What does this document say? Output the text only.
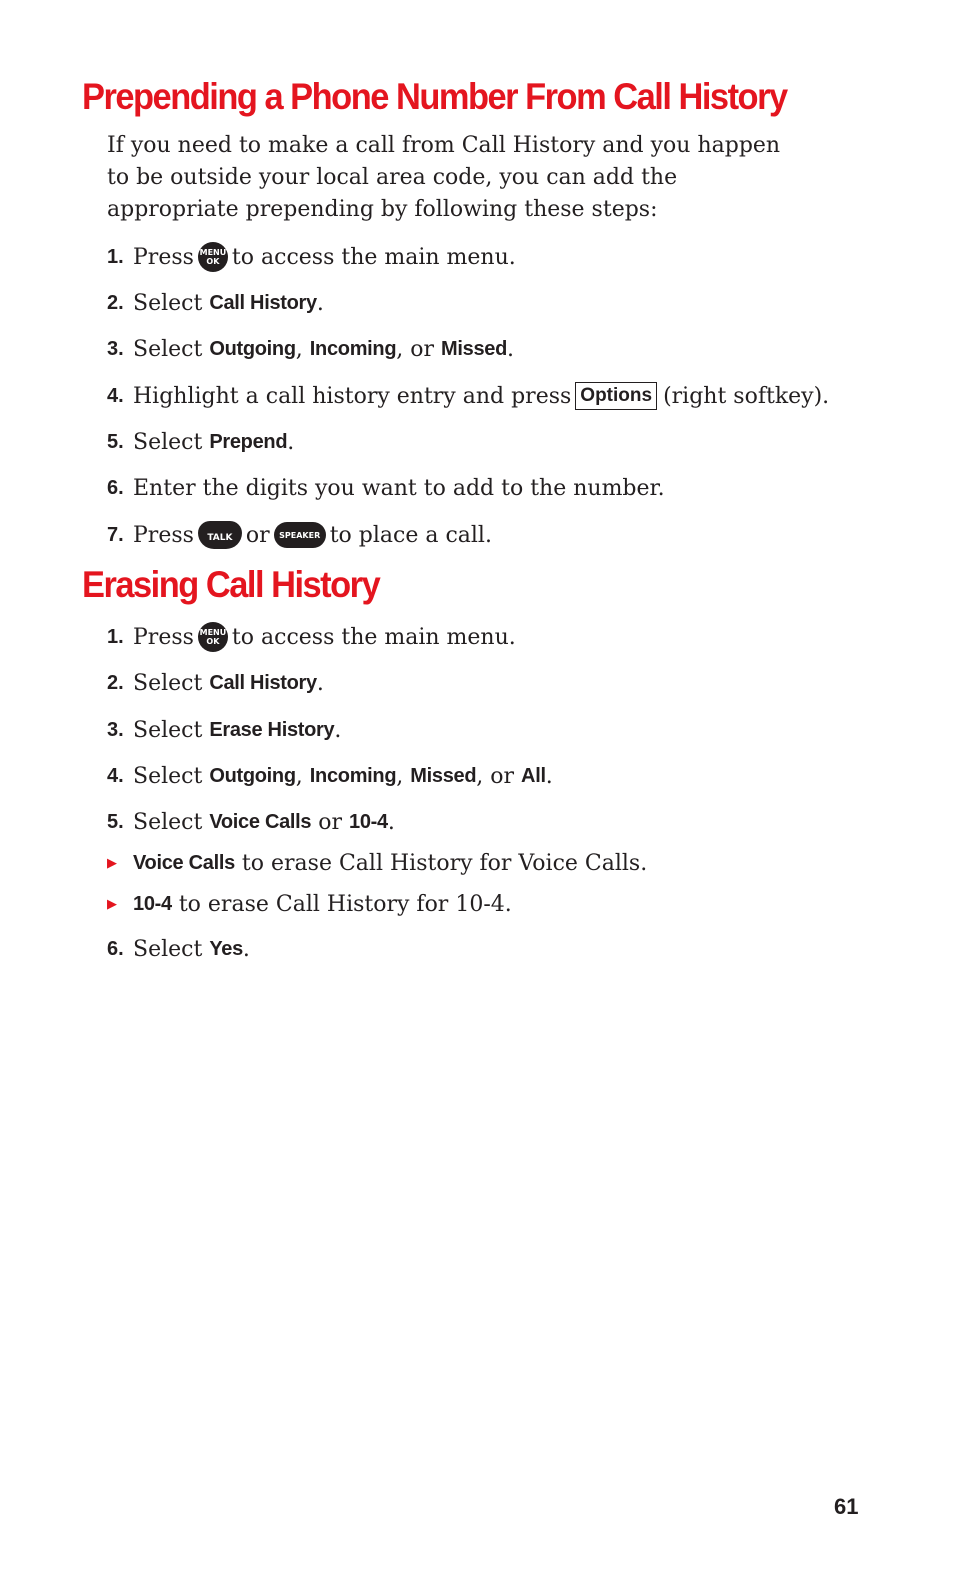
Prepending a Phone Number From Call History

If you need to make a call from Call History and you happen to be outside your local area code, you can add the appropriate prepending by following these steps:

1. Press MENU
OK to access the main menu.
2. Select
Call History .
3. Select
Outgoing , Incoming , or Missed .
4. Highlight a call history entry and press Options (right softkey).
5. Select
Prepend .
6. Enter the digits you want to add to the number.
7. Press	TALK or	SPEAKER to place a call.
Erasing Call History
1. Press MENU
OK to access the main menu.
2. Select
Call History .
3. Select
Erase History .
4. Select
Outgoing , Incoming , Missed , or All .
5. Select
Voice Calls or 10-4 .
▶ Voice Calls to erase Call History for Voice Calls.
▶ 10-4 to erase Call History for 10-4.
6. Select
Yes .
61
